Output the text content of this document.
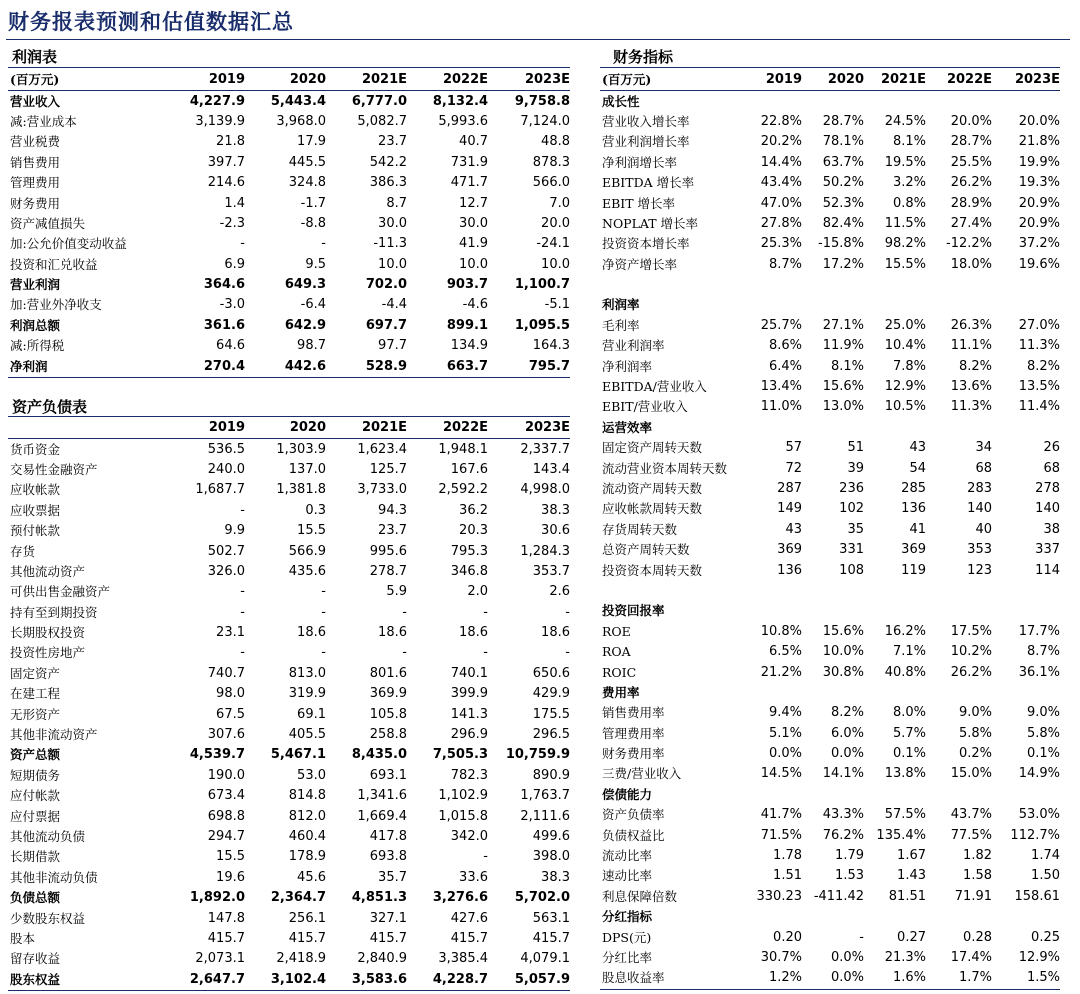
财务报表预测和估值数据汇总
利润表
(百万元)	2019	2020	2021E	2022E	2023E
营业收入	4,227.9	5,443.4	6,777.0	8,132.4	9,758.8
减:营业成本	3,139.9	3,968.0	5,082.7	5,993.6	7,124.0
营业税费	21.8	17.9	23.7	40.7	48.8
销售费用	397.7	445.5	542.2	731.9	878.3
管理费用	214.6	324.8	386.3	471.7	566.0
财务费用	1.4	-1.7	8.7	12.7	7.0
资产减值损失	-2.3	-8.8	30.0	30.0	20.0
加:公允价值变动收益	-	-	-11.3	41.9	-24.1
投资和汇兑收益	6.9	9.5	10.0	10.0	10.0
营业利润	364.6	649.3	702.0	903.7	1,100.7
加:营业外净收支	-3.0	-6.4	-4.4	-4.6	-5.1
利润总额	361.6	642.9	697.7	899.1	1,095.5
减:所得税	64.6	98.7	97.7	134.9	164.3
净利润	270.4	442.6	528.9	663.7	795.7
资产负债表
	2019	2020	2021E	2022E	2023E
货币资金	536.5	1,303.9	1,623.4	1,948.1	2,337.7
交易性金融资产	240.0	137.0	125.7	167.6	143.4
应收帐款	1,687.7	1,381.8	3,733.0	2,592.2	4,998.0
应收票据	-	0.3	94.3	36.2	38.3
预付帐款	9.9	15.5	23.7	20.3	30.6
存货	502.7	566.9	995.6	795.3	1,284.3
其他流动资产	326.0	435.6	278.7	346.8	353.7
可供出售金融资产	-	-	5.9	2.0	2.6
持有至到期投资	-	-	-	-	-
长期股权投资	23.1	18.6	18.6	18.6	18.6
投资性房地产	-	-	-	-	-
固定资产	740.7	813.0	801.6	740.1	650.6
在建工程	98.0	319.9	369.9	399.9	429.9
无形资产	67.5	69.1	105.8	141.3	175.5
其他非流动资产	307.6	405.5	258.8	296.9	296.5
资产总额	4,539.7	5,467.1	8,435.0	7,505.3	10,759.9
短期债务	190.0	53.0	693.1	782.3	890.9
应付帐款	673.4	814.8	1,341.6	1,102.9	1,763.7
应付票据	698.8	812.0	1,669.4	1,015.8	2,111.6
其他流动负债	294.7	460.4	417.8	342.0	499.6
长期借款	15.5	178.9	693.8	-	398.0
其他非流动负债	19.6	45.6	35.7	33.6	38.3
负债总额	1,892.0	2,364.7	4,851.3	3,276.6	5,702.0
少数股东权益	147.8	256.1	327.1	427.6	563.1
股本	415.7	415.7	415.7	415.7	415.7
留存收益	2,073.1	2,418.9	2,840.9	3,385.4	4,079.1
股东权益	2,647.7	3,102.4	3,583.6	4,228.7	5,057.9
财务指标
(百万元)	2019	2020	2021E	2022E	2023E
成长性					
营业收入增长率	22.8%	28.7%	24.5%	20.0%	20.0%
营业利润增长率	20.2%	78.1%	8.1%	28.7%	21.8%
净利润增长率	14.4%	63.7%	19.5%	25.5%	19.9%
EBITDA 增长率	43.4%	50.2%	3.2%	26.2%	19.3%
EBIT 增长率	47.0%	52.3%	0.8%	28.9%	20.9%
NOPLAT 增长率	27.8%	82.4%	11.5%	27.4%	20.9%
投资资本增长率	25.3%	-15.8%	98.2%	-12.2%	37.2%
净资产增长率	8.7%	17.2%	15.5%	18.0%	19.6%

利润率					
毛利率	25.7%	27.1%	25.0%	26.3%	27.0%
营业利润率	8.6%	11.9%	10.4%	11.1%	11.3%
净利润率	6.4%	8.1%	7.8%	8.2%	8.2%
EBITDA/营业收入	13.4%	15.6%	12.9%	13.6%	13.5%
EBIT/营业收入	11.0%	13.0%	10.5%	11.3%	11.4%
运营效率					
固定资产周转天数	57	51	43	34	26
流动营业资本周转天数	72	39	54	68	68
流动资产周转天数	287	236	285	283	278
应收帐款周转天数	149	102	136	140	140
存货周转天数	43	35	41	40	38
总资产周转天数	369	331	369	353	337
投资资本周转天数	136	108	119	123	114

投资回报率					
ROE	10.8%	15.6%	16.2%	17.5%	17.7%
ROA	6.5%	10.0%	7.1%	10.2%	8.7%
ROIC	21.2%	30.8%	40.8%	26.2%	36.1%
费用率					
销售费用率	9.4%	8.2%	8.0%	9.0%	9.0%
管理费用率	5.1%	6.0%	5.7%	5.8%	5.8%
财务费用率	0.0%	0.0%	0.1%	0.2%	0.1%
三费/营业收入	14.5%	14.1%	13.8%	15.0%	14.9%
偿债能力					
资产负债率	41.7%	43.3%	57.5%	43.7%	53.0%
负债权益比	71.5%	76.2%	135.4%	77.5%	112.7%
流动比率	1.78	1.79	1.67	1.82	1.74
速动比率	1.51	1.53	1.43	1.58	1.50
利息保障倍数	330.23	-411.42	81.51	71.91	158.61
分红指标					
DPS(元)	0.20	-	0.27	0.28	0.25
分红比率	30.7%	0.0%	21.3%	17.4%	12.9%
股息收益率	1.2%	0.0%	1.6%	1.7%	1.5%
